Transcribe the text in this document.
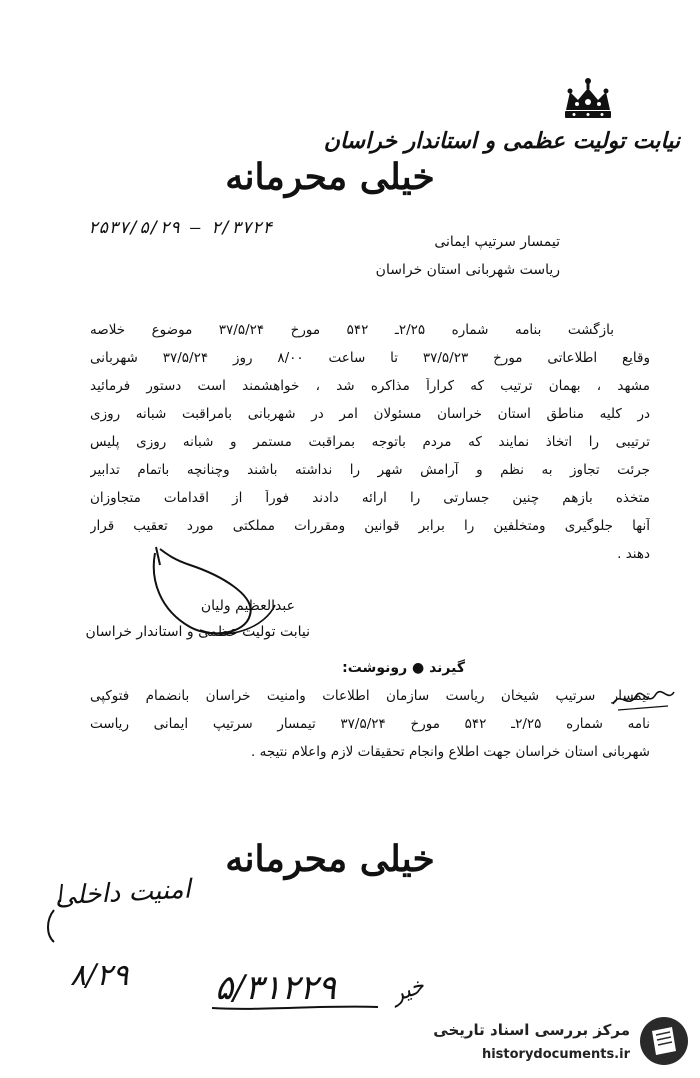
نیابت تولیت عظمی و استاندار خراسان
خیلی محرمانه
۲۵۳۷/۵/۲۹ – ۲/۳۷۲۴
تیمسار سرتیپ ایمانی
ریاست شهربانی استان خراسان
بازگشت بنامه شماره ۲/۲۵ـ ۵۴۲ مورخ ۳۷/۵/۲۴ موضوع خلاصه
وقایع اطلاعاتی مورخ ۳۷/۵/۲۳ تا ساعت ۸/۰۰ روز ۳۷/۵/۲۴ شهربانی
مشهد ، بهمان ترتیب که کراراً مذاکره شد ، خواهشمند است دستور فرمائید
در کلیه مناطق استان خراسان مسئولان امر در شهربانی بامراقبت شبانه روزی
ترتیبی را اتخاذ نمایند که مردم باتوجه بمراقبت مستمر و شبانه روزی پلیس
جرئت تجاوز به نظم و آرامش شهر را نداشته باشند وچنانچه باتمام تدابیر
متخذه بازهم چنین جسارتی را ارائه دادند فوراً از اقدامات متجاوزان
آنها جلوگیری ومتخلفین را برابر قوانین ومقررات مملکتی مورد تعقیب قرار
دهند .
عبدالعظیم ولیان
نیابت تولیت عظمی و استاندار خراسان
گیرند ● رونوشت:
تیمسار سرتیپ شیخان ریاست سازمان اطلاعات وامنیت خراسان بانضمام فتوکپی
نامه شماره ۲/۲۵ـ ۵۴۲ مورخ ۳۷/۵/۲۴ تیمسار سرتیپ ایمانی ریاست
شهربانی استان خراسان جهت اطلاع وانجام تحقیقات لازم واعلام نتیجه .
خیلی محرمانه
امنیت داخلی
۸/۲۹	۵/۳۱۲۲۹ خیر
مرکز بررسی اسناد تاریخی
historydocuments.ir
